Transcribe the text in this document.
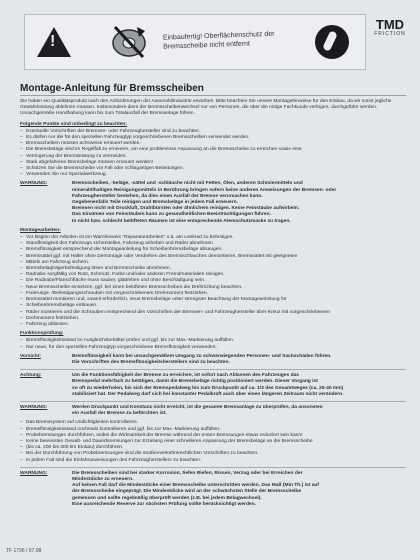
!	Einbaufertig! Oberflächenschutz der
Bremsscheibe nicht entfernt
TMD
FRICTION
Montage-Anleitung für Bremsscheiben

Sie haben ein Qualitätsprodukt nach den Anforderungen der Automobilindustrie erworben. Bitte beachten Sie unsere Montagehinweise für den Einbau, da wir sonst jegliche Gewährleistung ablehnen müssen. Insbesondere dient der Bremsscheibenwechsel nur von Personen, die über die nötige Fachkunde verfügen, durchgeführt werden. Unsachgemäße Handhabung kann bis zum Totalausfall der Bremsanlage führen.

Folgende Punkte sind unbedingt zu beachten:
– Eventuelle Vorschriften der Bremsen- oder Fahrzeughersteller sind zu beachten.
– Es dürfen nur die für den speziellen Fahrzeugtyp vorgeschriebenen Bremsscheiben verwendet werden.
– Bremsscheiben müssen achsweise erneuert werden.
– Die Bremsbeläge sind im Regelfall zu erneuern, um eine problemlose Anpassung an die Bremsscheibe zu erreichen sowie eine
– Verringerung der Bremsleistung zu vermeiden.
– Stark abgefahrene Bremsbeläge müssen erneuert werden!
– Schützen Sie die Bremsscheibe vor Fall oder schlagartigen Belastungen.
– Verwenden Sie nur Spezialwerkzeug.
WARNUNG:	Bremsscheiben, -beläge, -sättel und -schläuche nicht mit Fetten, Ölen, anderen Schmiermitteln und
mineralölhaltigen Reinigungsmitteln in Berührung bringen sofern keine anderen Anweisungen der Bremsen- oder
Fahrzeughersteller bestehen, da dies einen Ausfall der Bremse verursachen kann.
Gegebenenfalls Teile reinigen und Bremsbeläge in jedem Fall erneuern.
Bremsen nicht mit Druckluft, Drahtbürsten oder ähnlichem reinigen. Keine Feinstäube aufwirbeln.
Das Einatmen von Feinstäuben kann zu gesundheitlichen Beeinträchtigungen führen.
In nicht bzw. schlecht belüfteten Räumen ist eine entsprechende Atemschutzmaske zu tragen.
Montagearbeiten:
– Vor Beginn der Arbeiten ist ein Warnhinweis "Reparaturarbeiten" o.ä. am Lenkrad zu befestigen.
– Standfestigkeit des Fahrzeugs sicherstellen, Fahrzeug anheben und Räder abnehmen.
– Bremsflüssigkeit entsprechend der Montageanleitung für Scheibenbremsbeläge absaugen.
– Bremssattel ggf. mit Halter ohne Demontage oder Verdrehen des Bremsschlauches demontieren, Bremssattel mit geeigneten
– Mitteln am Fahrzeug sichern.
– Bremsbelagträgerbefestigung lösen und Bremsscheibe abnehmen.
– Radnabe sorgfältig von Rost, Schmutz, Farbe und/oder anderen Fremdmaterialien reinigen.
– Die Radnabe/Flanschfläche muss sauber, glatt/eben und ohne Beschädigung sein.
– Neue Bremsscheibe einsetzen, ggf. bei innen belüfteten Bremsscheiben die Drehrichtung beachten.
– Fixierungs- /Befestigungsschrauben mit vorgeschriebenem Drehmoment festziehen.
– Bremssattel montieren und, soweit erforderlich, neue Bremsbeläge unter strengster Beachtung der Montageanleitung für
– Scheibenbremsbeläge einbauen.
– Räder montieren und die Schrauben entsprechend den Vorschriften der Bremsen- und Fahrzeughersteller über Kreuz mit vorgeschriebenem
– Drehmoment festziehen.
– Fahrzeug ablassen.
Funktionsprüfung:
– Bremsflüssigkeitsstand im Ausgleichsbehälter prüfen und ggf. bis zur Max.-Markierung auffüllen.
– Nur neue, für den speziellen Fahrzeugtyp vorgeschriebene Bremsflüssigkeit verwenden.
Vorsicht:	Bremsflüssigkeit kann bei unsachgemäßem Umgang zu schwerwiegenden Personen- und Sachschäden führen.
Die Vorschriften des Bremsflüssigkeitsherstellers sind zu beachten.
Achtung:	Um die Funktionsfähigkeit der Bremse zu erreichen, ist sofort nach Ablassen des Fahrzeuges das
Bremspedal mehrfach zu betätigen, damit die Bremsbeläge richtig positioniert werden. Dieser Vorgang ist
so oft zu wiederholen, bis sich der Bremspedalweg bis zum Druckpunkt auf ca. 1/3 des Gesamtweges (ca. 25-40 mm)
stabilisiert hat. Der Pedalweg darf sich bei konstanter Pedalkraft auch über einen längeren Zeitraum nicht verändern.
WARNUNG:	Werden Druckpunkt und Konstanz nicht erreicht, ist die gesamte Bremsanlage zu überprüfen, da ansonsten
ein Ausfall der Bremse zu befürchten ist.
– Das Bremssystem auf Undichtigkeiten kontrollieren.
– Bremsflüssigkeitsstand nochmals kontrollieren und ggf. bis zur Max.-Markierung auffüllen.
– Probebremsungen durchführen, wobei die Wirksamkeit der Bremse während der ersten Bremsungen etwas reduziert sein kann!
– Keine bewussten Gewalt- und Dauerbremsungen zur Erzielung einer schnelleren Anpassung der Bremsbeläge an die Bremsscheibe
– (bis ca. 200 bis 300 km Einbau) durchführen.
– Bei der Durchführung von Probebremsungen sind die straßenverkehrsrechtlichen Vorschriften zu beachten.
– In jedem Fall sind die Einfahranweisungen des Fahrzeugherstellers zu beachten.
WARNUNG:	Die Bremsscheiben sind bei starker Korrosion, tiefen Riefen, Rissen, Verzug oder bei Erreichen der
Mindestdicke zu erneuern.
Auf keinen Fall darf die Mindestdicke einer Bremsscheibe unterschritten werden. Das Maß (Min Th.) ist auf
der Bremsscheibe eingeprägt. Die Mindestdicke wird an der schwächsten Stelle der Bremsscheibe
gemessen und sollte regelmäßig überprüft werden (z.B. bei jedem Belagwechsel).
Eine ausreichende Reserve zur nächsten Prüfung sollte berücksichtigt werden.
TF 1796 / 07.08
